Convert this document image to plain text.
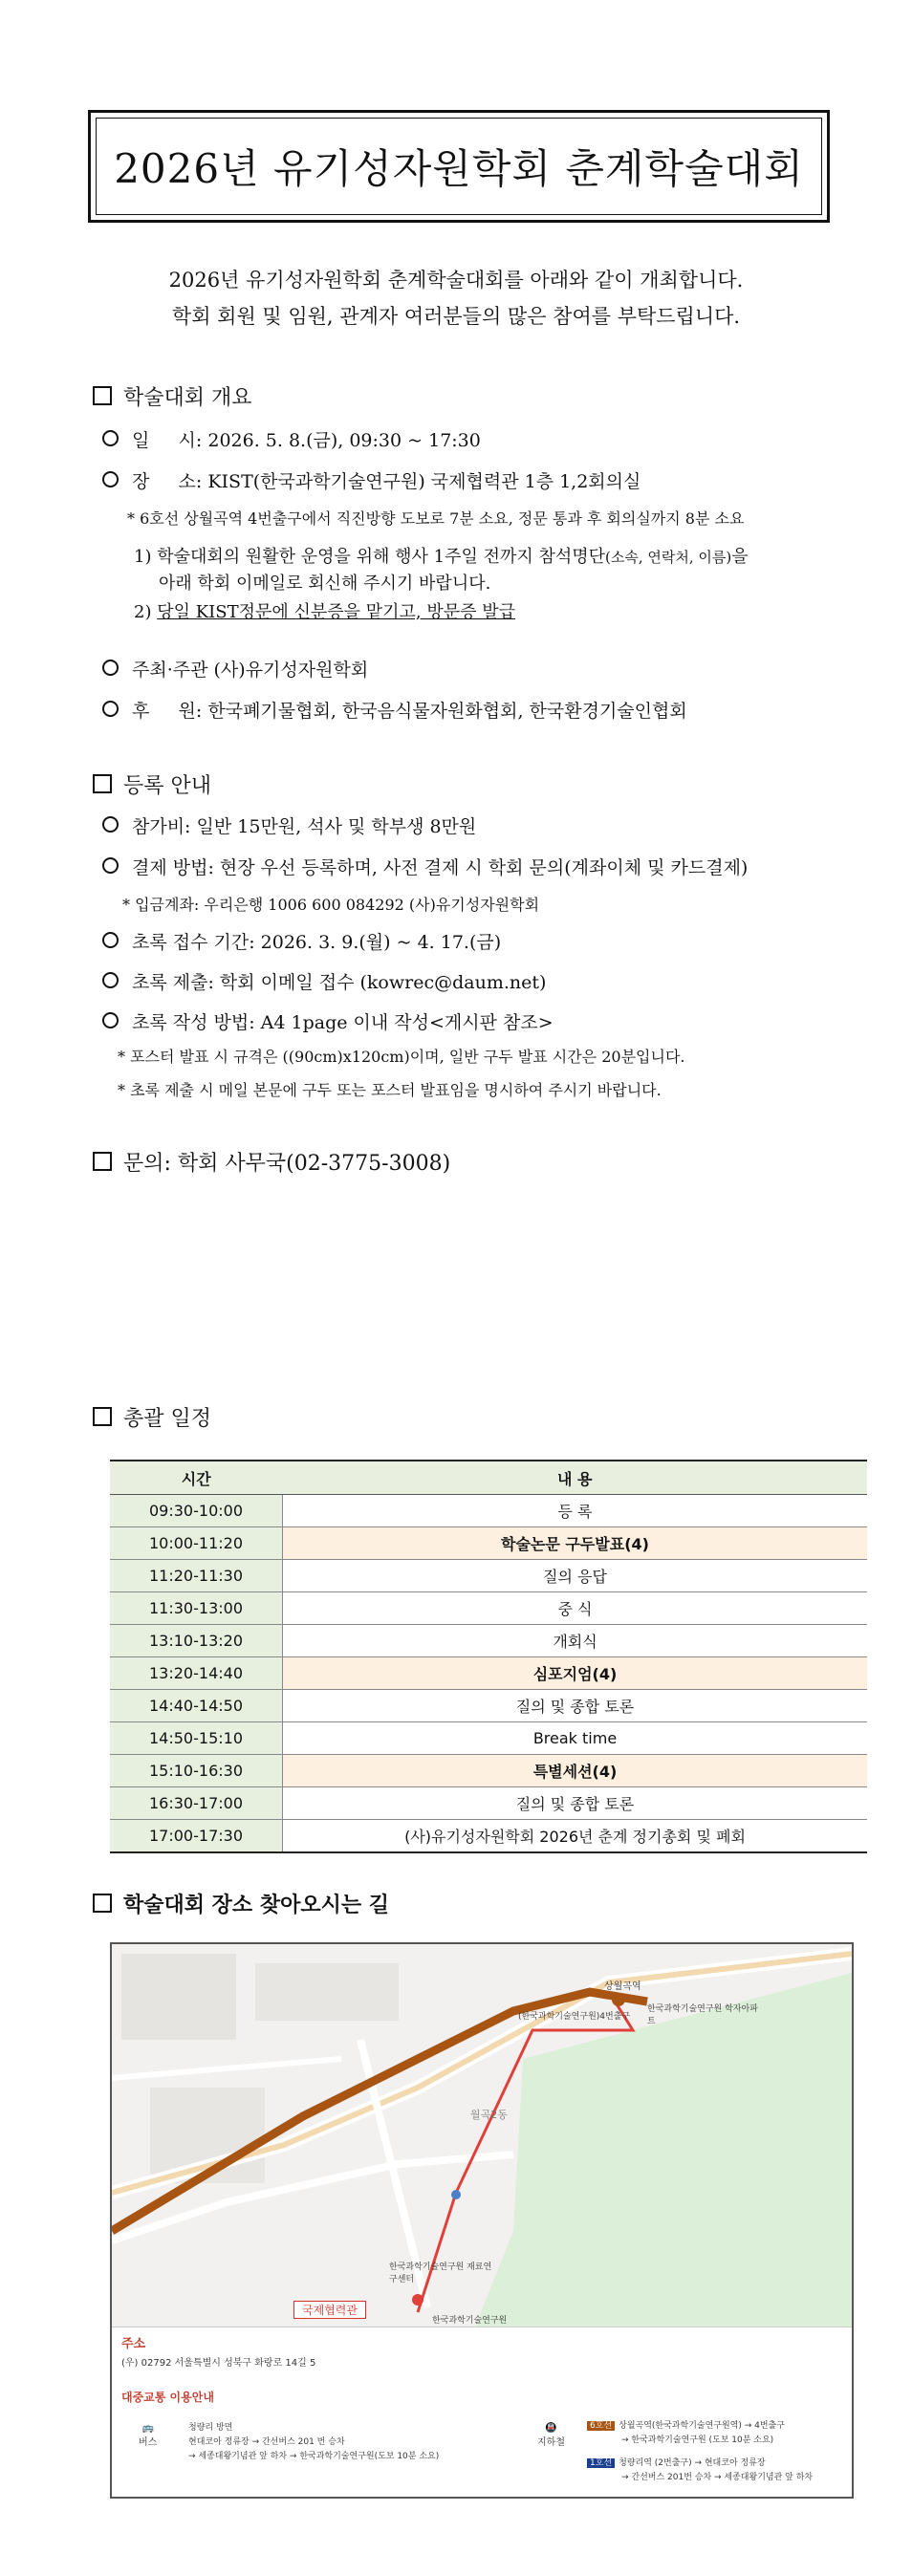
2026년 유기성자원학회 춘계학술대회
2026년 유기성자원학회 춘계학술대회를 아래와 같이 개최합니다.
학회 회원 및 임원, 관계자 여러분들의 많은 참여를 부탁드립니다.
학술대회 개요
일     시: 2026. 5. 8.(금), 09:30 ~ 17:30
장     소: KIST(한국과학기술연구원) 국제협력관 1층 1,2회의실
* 6호선 상월곡역 4번출구에서 직진방향 도보로 7분 소요, 정문 통과 후 회의실까지 8분 소요
1) 학술대회의 원활한 운영을 위해 행사 1주일 전까지 참석명단(소속, 연락처, 이름)을
아래 학회 이메일로 회신해 주시기 바랍니다.
2) 당일 KIST정문에 신분증을 맡기고, 방문증 발급
주최·주관 (사)유기성자원학회
후     원: 한국폐기물협회, 한국음식물자원화협회, 한국환경기술인협회
등록 안내
참가비: 일반 15만원, 석사 및 학부생 8만원
결제 방법: 현장 우선 등록하며, 사전 결제 시 학회 문의(계좌이체 및 카드결제)
* 입금계좌: 우리은행 1006 600 084292 (사)유기성자원학회
초록 접수 기간: 2026. 3. 9.(월) ~ 4. 17.(금)
초록 제출: 학회 이메일 접수 (kowrec@daum.net)
초록 작성 방법: A4 1page 이내 작성<게시판 참조>
* 포스터 발표 시 규격은 ((90cm)x120cm)이며, 일반 구두 발표 시간은 20분입니다.
* 초록 제출 시 메일 본문에 구두 또는 포스터 발표임을 명시하여 주시기 바랍니다.
문의: 학회 사무국(02-3775-3008)
총괄 일정
시간	내 용
09:30-10:00	등 록
10:00-11:20	학술논문 구두발표(4)
11:20-11:30	질의 응답
11:30-13:00	중 식
13:10-13:20	개회식
13:20-14:40	심포지엄(4)
14:40-14:50	질의 및 종합 토론
14:50-15:10	Break time
15:10-16:30	특별세션(4)
16:30-17:00	질의 및 종합 토론
17:00-17:30	(사)유기성자원학회 2026년 춘계 정기총회 및 폐회
학술대회 장소 찾아오시는 길
상월곡역
(한국과학기술연구원)4번출구
한국과학기술연구원 학자아파트
월곡2동
한국과학기술연구원 재료연구센터
한국과학기술연구원
국제협력관
주소
(우) 02792 서울특별시 성북구 화랑로 14길 5
대중교통 이용안내
🚌
버스
청량리 방면
현대코아 정류장 → 간선버스 201 번 승차
→ 세종대왕기념관 앞 하차 → 한국과학기술연구원(도보 10분 소요)
🚇
지하철
6호선 상월곡역(한국과학기술연구원역) → 4번출구
→ 한국과학기술연구원 (도보 10분 소요)
1호선 청량리역 (2번출구) → 현대코아 정류장
→ 간선버스 201번 승차 → 세종대왕기념관 앞 하차
